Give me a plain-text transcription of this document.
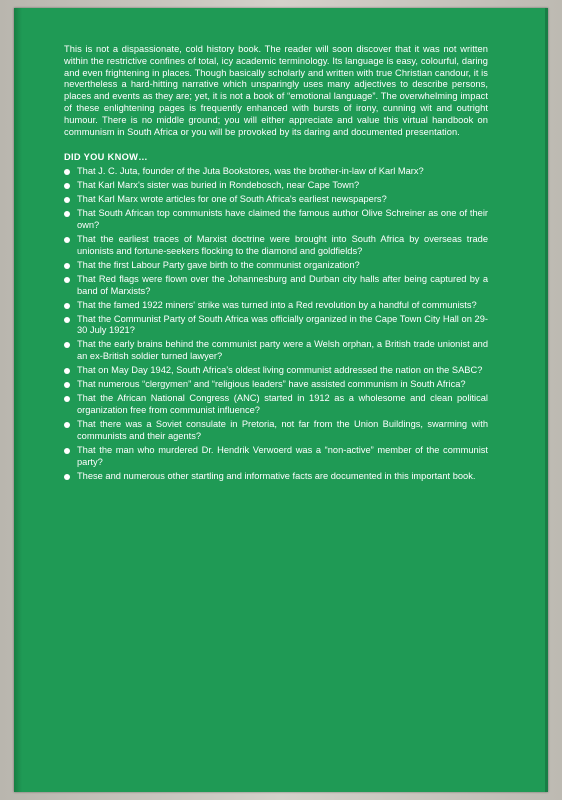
This is not a dispassionate, cold history book. The reader will soon discover that it was not written within the restrictive confines of total, icy academic terminology. Its language is easy, colourful, daring and even frightening in places. Though basically scholarly and written with true Christian candour, it is nevertheless a hard-hitting narrative which unsparingly uses many adjectives to describe persons, places and events as they are; yet, it is not a book of “emotional language”. The overwhelming impact of these enlightening pages is frequently enhanced with bursts of irony, cunning wit and outright humour. There is no middle ground; you will either appreciate and value this virtual handbook on communism in South Africa or you will be provoked by its daring and documented presentation.

DID YOU KNOW…
That J. C. Juta, founder of the Juta Bookstores, was the brother-in-law of Karl Marx?
That Karl Marx's sister was buried in Rondebosch, near Cape Town?
That Karl Marx wrote articles for one of South Africa's earliest newspapers?
That South African top communists have claimed the famous author Olive Schreiner as one of their own?
That the earliest traces of Marxist doctrine were brought into South Africa by overseas trade unionists and fortune-seekers flocking to the diamond and goldfields?
That the first Labour Party gave birth to the communist organization?
That Red flags were flown over the Johannesburg and Durban city halls after being captured by a band of Marxists?
That the famed 1922 miners' strike was turned into a Red revolution by a handful of communists?
That the Communist Party of South Africa was officially organized in the Cape Town City Hall on 29-30 July 1921?
That the early brains behind the communist party were a Welsh orphan, a British trade unionist and an ex-British soldier turned lawyer?
That on May Day 1942, South Africa's oldest living communist addressed the nation on the SABC?
That numerous “clergymen” and “religious leaders” have assisted communism in South Africa?
That the African National Congress (ANC) started in 1912 as a wholesome and clean political organization free from communist influence?
That there was a Soviet consulate in Pretoria, not far from the Union Buildings, swarming with communists and their agents?
That the man who murdered Dr. Hendrik Verwoerd was a “non-active” member of the communist party?
These and numerous other startling and informative facts are documented in this important book.
